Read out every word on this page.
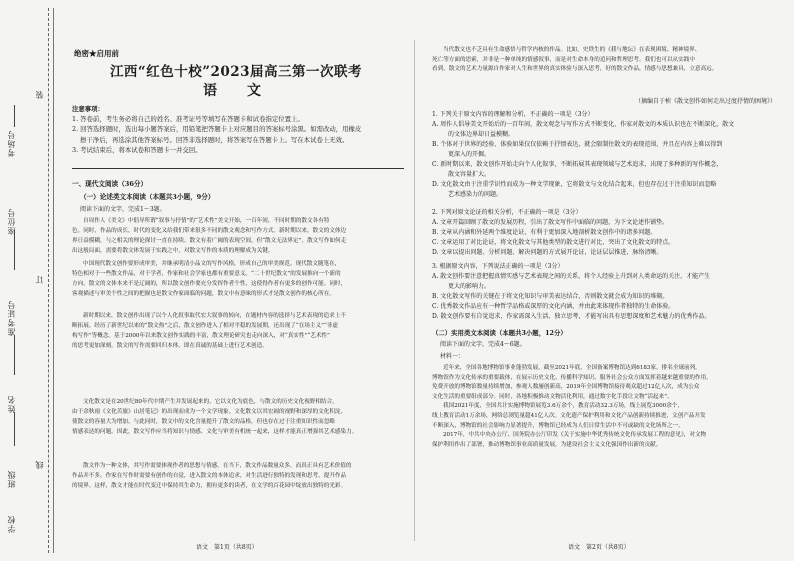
考场号
座位号
准考证号
姓名
班级
学校
装
订
线
绝密★启用前
江西“红色十校”2023届高三第一次联考
语　文
注意事项：
1. 答卷前，考生务必将自己的姓名、准考证号等填写在答题卡和试卷指定位置上。
2. 回答选择题时，选出每小题答案后，用铅笔把答题卡上对应题目的答案标号涂黑。如需改动，用橡皮
擦干净后，再选涂其他答案标号。回答非选择题时，将答案写在答题卡上。写在本试卷上无效。
3. 考试结束后，将本试卷和答题卡一并交回。
一、现代文阅读（36分）
（一）论述类文本阅读（本题共3小题，9分）
阅读下面的文字，完成1～3题。
自周作人《美文》中倡导所谓“叙事与抒情”的“艺术性”美文开始，一百年间，不同时期的散文各有特
色。同时，作品的成长，时代的变化又给我们带来很多不同的散文观念和写作方式。新时期以来，散文的文体边
界日益模糊，与之相关的理论探讨一直在持续。散文有着广阔的表现空间，但“散文无法界定”，散文写作如何走
出这般局面，需要将散文体发展于实践之中，对散文写作的本质的理解成为关键。
中国现代散文创作要形成审美，并继承明清小品文的写作风格，形成自己的审美规范。现代散文随笔在，
特色相对于一些散文作品，对于学者，作家和社会学家也都有重要意义。“二十世纪散文”的发展推向一个新的
方向。散文的文体本来不是辽阔的，所以散文创作要充分发挥作者个性，这使得作者有更多的创作可能。同时，
客观描述与审美个性之间的把握也是散文作家面临的问题，散文中有意味的形式才是散文创作的核心所在。
新时期以来，散文创作出现了以个人化叙事取代宏大叙事的转向，在题材内容的选择与艺术表现的追求上不
断拓展。经历了新世纪以来的“散文热”之后，散文创作进入了相对平稳的发展期，还出现了“在场主义”“非虚
构写作”等概念。基于2000年以来散文创作实践的丰富，散文理论研究也走向深入，对“真实性”“艺术性”
的思考更加深刻。散文的写作需要回归本体，即在真诚的基础上进行艺术创造。
文化散文是在20世纪80年代中期产生并发展起来的，它以文化为底色，与散文的历史文化视野相结合，
由于余秋雨《文化苦旅》山居笔记》的出现而成为一个文学现象。文化散文以其宏阔的视野和深厚的文化积淀，
使散文的容量大为增加。与此同时，散文中的文化含量提升了散文的品格，但也存在过于注重知识性而忽略
情感表达的问题。因此，散文写作应当将知识与情感、文化与审美有机统一起来，这样才能真正增强其艺术感染力。
散文作为一种文体，其写作需要体现作者的思想与情感。在当下，散文作品数量众多，而真正具有艺术价值的
作品并不多。作家在写作时需要有创作的自觉，进入散文的本体追求，对生活进行独特的发现和思考，提升作品
的境界。这样，散文才能在时代变迁中保持其生命力，拥有更多的读者，在文学的百花园中绽放出独特的光彩。
语文　第1页（共8页）
当代散文也不乏具有生命感悟与哲学内核的作品。比如，史铁生的《我与地坛》在表现困境、精神境界、
死亡等方面的思索，并非是一种单纯的情感叙事，而是对生命本身的追问和哲理思考。我们也可以从实践中
看到，散文的艺术力量源自作家对人生和世界的真实体验与深入思考，好的散文作品，情感与思想兼具，立意高远。
（摘编自于桢《散文创作如何走出过度抒情的困境》）
1. 下列关于原文内容的理解和分析，不正确的一项是（3分）
A. 周作人倡导美文开始后的一百年间，散文观念与写作方式不断变化，作家对散文的本质认识也在不断深化，散文
的文体边界却日益模糊。
B. 个体对于世界的经验、体验如果仅仅依赖于抒情表达，就会限制住散文的表现范围，并且在内容上难以得到
更深入的开掘。
C. 新时期以来，散文创作开始走向个人化叙事，不断拓展其表现领域与艺术追求，出现了多种新的写作概念，
散文容量扩大。
D. 文化散文由于注重学识性而成为一种文学现象，它将散文与文化结合起来，但也存在过于注重知识而忽略
艺术感染力的问题。
2. 下列对原文论证的相关分析，不正确的一项是（3分）
A. 文章开篇回顾了散文的发展历程，引出了散文写作中面临的问题，为下文论述作铺垫。
B. 文章从内涵和外延两个维度论证，有利于更加深入地剖析散文创作中的诸多问题。
C. 文章运用了对比论证，将文化散文与其他类型的散文进行对比，突出了文化散文的特点。
D. 文章以提出问题、分析问题、解决问题的方式展开论证，论证层层推进，脉络清晰。
3. 根据原文内容，下列说法正确的一项是（3分）
A. 散文创作要注意把握真情实感与艺术表现之间的关系，将个人经验上升到对人类命运的关注，才能产生
更大的影响力。
B. 文化散文写作的关键在于将文化知识与审美表达结合，否则散文就会成为知识的堆砌。
C. 优秀散文作品应有一种哲学品格或深厚的文化内涵，并由此来体现作者独特的生命体验。
D. 散文创作要有自觉追求，作家需深入生活、独立思考，才能写出具有思想深度和艺术魅力的优秀作品。
（二）实用类文本阅读（本题共3小题，12分）
阅读下面的文字，完成4～6题。
材料一：
近年来，全国各地博物馆事业蓬勃发展，截至2021年底，全国备案博物馆达到6183家，排名全球前列。
博物馆作为文化传承的重要载体，在展示历史文化、传播科学知识、服务社会公众方面发挥着越来越重要的作用，
免费开放的博物馆数量持续增加，参观人数屡创新高，2019年全国博物馆接待观众超过12亿人次，成为公众
文化生活的重要组成部分。同时，各地积极推动文物活化利用，通过数字化手段让文物“活起来”。
我国2021年度，全国共计实施博物馆展览3.6万余个，教育活动32.3万场，线上展览3000余个，
线上教育活动1万余场，网络总浏览量超41亿人次。文化遗产保护利用和文化产品创新持续推进，文创产品开发
不断深入，博物馆的社会影响力显著提升，博物馆已经成为人们日常生活中不可或缺的文化场所之一。
2017年，中共中央办公厅、国务院办公厅印发《关于实施中华优秀传统文化传承发展工程的意见》，对文物
保护利用作出了部署，推动博物馆事业高质量发展，为建设社会主义文化强国作出新的贡献。
语文　第2页（共8页）
